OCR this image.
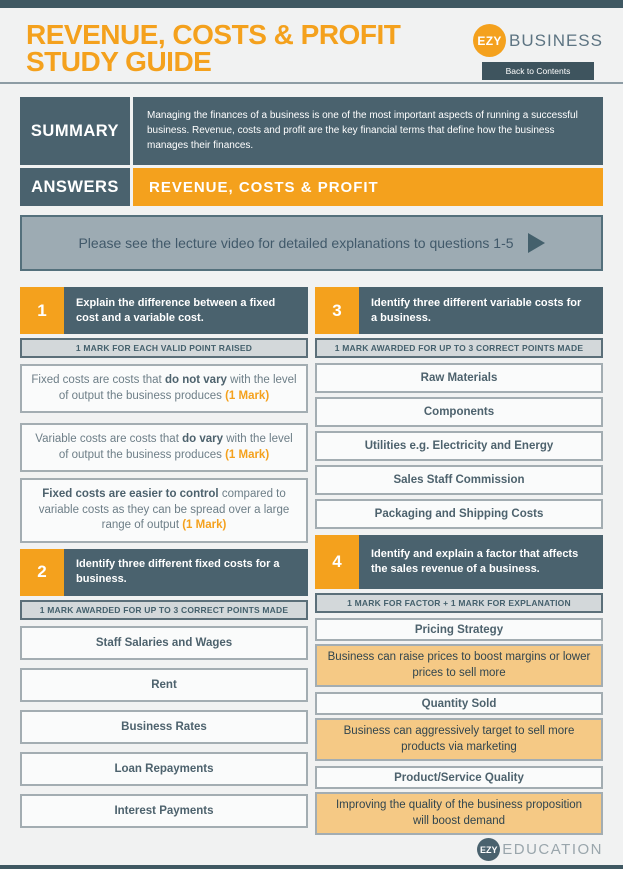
REVENUE, COSTS & PROFIT
STUDY GUIDE
EZY BUSINESS
Back to Contents
SUMMARY
Managing the finances of a business is one of the most important aspects of running a successful business. Revenue, costs and profit are the key financial terms that define how the business manages their finances.
ANSWERS	REVENUE, COSTS & PROFIT
Please see the lecture video for detailed explanations to questions 1-5
1	Explain the difference between a fixed cost and a variable cost.
1 MARK FOR EACH VALID POINT RAISED
Fixed costs are costs that do not vary with the level of output the business produces (1 Mark)
Variable costs are costs that do vary with the level of output the business produces (1 Mark)
Fixed costs are easier to control compared to variable costs as they can be spread over a large range of output (1 Mark)
2	Identify three different fixed costs for a business.
1 MARK AWARDED FOR UP TO 3 CORRECT POINTS MADE
Staff Salaries and Wages
Rent
Business Rates
Loan Repayments
Interest Payments
3	Identify three different variable costs for a business.
1 MARK AWARDED FOR UP TO 3 CORRECT POINTS MADE
Raw Materials
Components
Utilities e.g. Electricity and Energy
Sales Staff Commission
Packaging and Shipping Costs
4	Identify and explain a factor that affects the sales revenue of a business.
1 MARK FOR FACTOR + 1 MARK FOR EXPLANATION
Pricing Strategy
Business can raise prices to boost margins or lower prices to sell more
Quantity Sold
Business can aggressively target to sell more products via marketing
Product/Service Quality
Improving the quality of the business proposition will boost demand
EZY EDUCATION
